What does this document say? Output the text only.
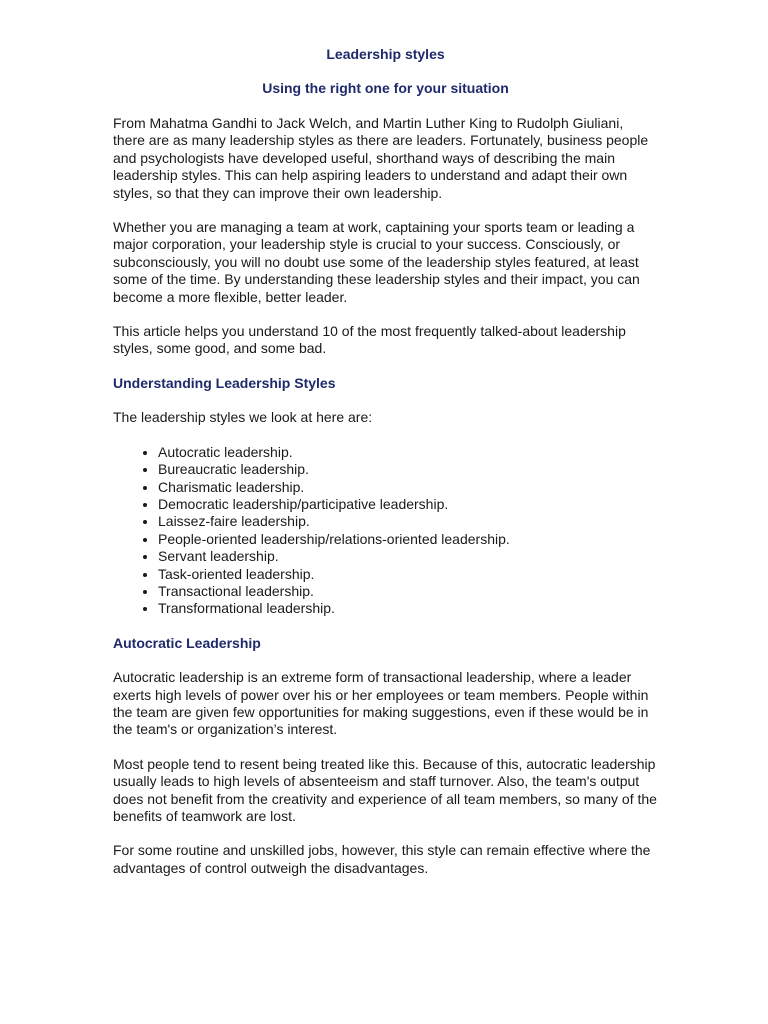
Leadership styles
Using the right one for your situation

From Mahatma Gandhi to Jack Welch, and Martin Luther King to Rudolph Giuliani, there are as many leadership styles as there are leaders. Fortunately, business people and psychologists have developed useful, shorthand ways of describing the main leadership styles. This can help aspiring leaders to understand and adapt their own styles, so that they can improve their own leadership.

Whether you are managing a team at work, captaining your sports team or leading a major corporation, your leadership style is crucial to your success. Consciously, or subconsciously, you will no doubt use some of the leadership styles featured, at least some of the time. By understanding these leadership styles and their impact, you can become a more flexible, better leader.

This article helps you understand 10 of the most frequently talked-about leadership styles, some good, and some bad.

Understanding Leadership Styles

The leadership styles we look at here are:

• Autocratic leadership.
• Bureaucratic leadership.
• Charismatic leadership.
• Democratic leadership/participative leadership.
• Laissez-faire leadership.
• People-oriented leadership/relations-oriented leadership.
• Servant leadership.
• Task-oriented leadership.
• Transactional leadership.
• Transformational leadership.
Autocratic Leadership

Autocratic leadership is an extreme form of transactional leadership, where a leader exerts high levels of power over his or her employees or team members. People within the team are given few opportunities for making suggestions, even if these would be in the team's or organization’s interest.

Most people tend to resent being treated like this. Because of this, autocratic leadership usually leads to high levels of absenteeism and staff turnover. Also, the team's output does not benefit from the creativity and experience of all team members, so many of the benefits of teamwork are lost.

For some routine and unskilled jobs, however, this style can remain effective where the advantages of control outweigh the disadvantages.
